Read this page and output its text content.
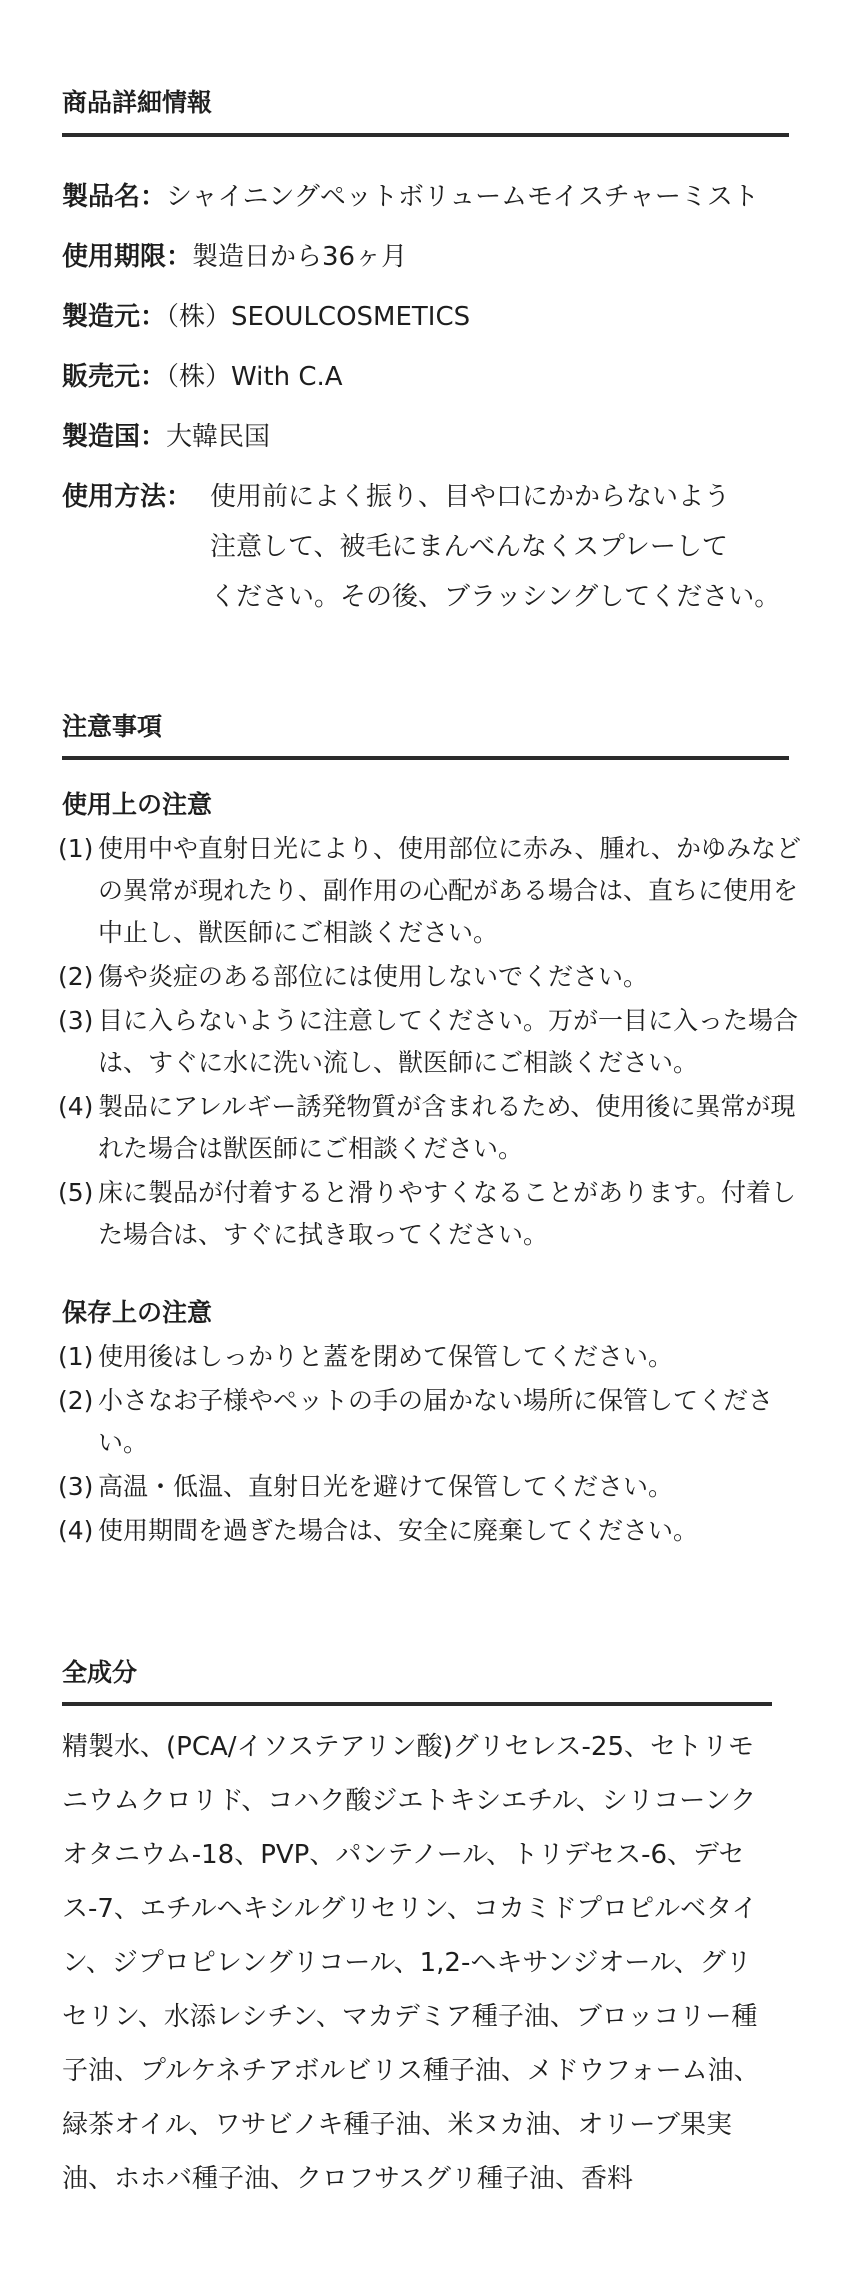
商品詳細情報
製品名：シャイニングペットボリュームモイスチャーミスト
使用期限：製造日から36ヶ月
製造元：（株）SEOULCOSMETICS
販売元：（株）With C.A
製造国：大韓民国
使用方法： 使用前によく振り、目や口にかからないよう
注意して、被毛にまんべんなくスプレーして
ください。その後、ブラッシングしてください。
注意事項
使用上の注意
(1) 使用中や直射日光により、使用部位に赤み、腫れ、かゆみなどの異常が現れたり、副作用の心配がある場合は、直ちに使用を中止し、獣医師にご相談ください。
(2) 傷や炎症のある部位には使用しないでください。
(3) 目に入らないように注意してください。万が一目に入った場合は、すぐに水に洗い流し、獣医師にご相談ください。
(4) 製品にアレルギー誘発物質が含まれるため、使用後に異常が現れた場合は獣医師にご相談ください。
(5) 床に製品が付着すると滑りやすくなることがあります。付着した場合は、すぐに拭き取ってください。
保存上の注意
(1) 使用後はしっかりと蓋を閉めて保管してください。
(2) 小さなお子様やペットの手の届かない場所に保管してください。
(3) 高温・低温、直射日光を避けて保管してください。
(4) 使用期間を過ぎた場合は、安全に廃棄してください。
全成分
精製水、(PCA/イソステアリン酸)グリセレス-25、セトリモニウムクロリド、コハク酸ジエトキシエチル、シリコーンクオタニウム-18、PVP、パンテノール、トリデセス-6、デセス-7、エチルヘキシルグリセリン、コカミドプロピルベタイン、ジプロピレングリコール、1,2-ヘキサンジオール、グリセリン、水添レシチン、マカデミア種子油、ブロッコリー種子油、プルケネチアボルビリス種子油、メドウフォーム油、緑茶オイル、ワサビノキ種子油、米ヌカ油、オリーブ果実油、ホホバ種子油、クロフサスグリ種子油、香料
